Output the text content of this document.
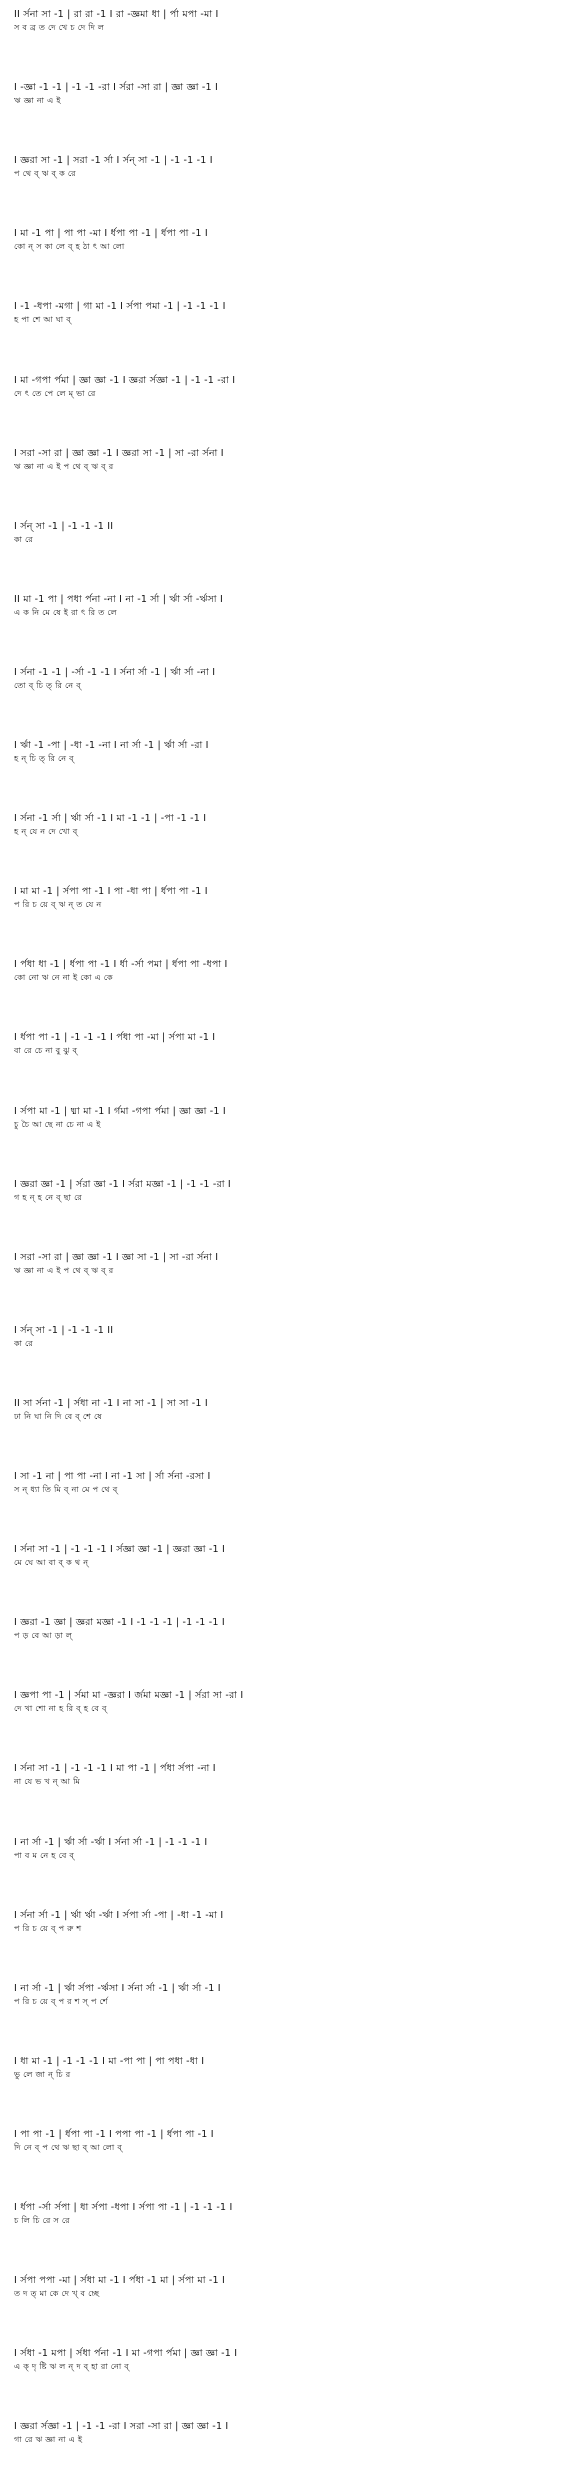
II র্সনা সা -1 | রা রা -1 I রা -জ্ঞমা ধা | র্পা মপা -মা I
স ব ব্র ত দে খে চ দে দি ল
I -জ্ঞা -1 -1 | -1 -1 -রা I র্সরা -সা রা | জ্ঞা জ্ঞা -1 I
ঋ জ্ঞা না এ ই
I জ্ঞরা সা -1 | সরা -1 র্সা I র্সন্‌ সা -1 | -1 -1 -1 I
প থে ব্ ঋ ব্ ক রে
I মা -1 পা | পা পা -মা I র্ধপা পা -1 | র্ধপা পা -1 I
কো ন্ স কা লে ব্ হ ঠা ৎ আ লো
I -1 -ধপা -মগা | গা মা -1 I র্সপা পমা -1 | -1 -1 -1 I
হ পা শে আ ঘা ব্
I মা -গপা র্পমা | জ্ঞা জ্ঞা -1 I জ্ঞরা র্সজ্ঞা -1 | -1 -1 -রা I
দে ৎ তে পে লে ম্ ভা রে
I সরা -সা রা | জ্ঞা জ্ঞা -1 I জ্ঞরা সা -1 | সা -রা র্সনা I
ঋ জ্ঞা না এ ই প থে ব্ ঋ ব্ র
I র্সন্‌ সা -1 | -1 -1 -1 II
কা রে
II মা -1 পা | পধা র্পনা -না I না -1 র্সা | র্ঋা র্সা -র্ঋসা I
এ ক নি মে ষে ই রা ৎ রি ত লে
I র্সনা -1 -1 | -র্সা -1 -1 I র্সনা র্সা -1 | র্ঋা র্সা -না I
তো ব্ চি ত্ রি নে ব্
I র্ঋা -1 -পা | -ধা -1 -না I না র্সা -1 | র্ঋা র্সা -রা I
হ ন্ চি ত্ রি নে ব্
I র্সনা -1 র্সা | র্ঋা র্সা -1 I মা -1 -1 | -পা -1 -1 I
হ ন্ যে ন দে খো ব্
I মা মা -1 | র্সপা পা -1 I পা -ধা পা | র্ধপা পা -1 I
প রি চ য়ে ব্ ঋ ন্ ত যে ন
I র্পধা ধা -1 | র্ধপা পা -1 I র্ধা -র্সা পমা | র্ধপা পা -ধপা I
কো নো ঋ নে না ই কো এ কে
I র্ধপা পা -1 | -1 -1 -1 I র্পধা পা -মা | র্সপা মা -1 I
বা রে চে না বু ঝু ব্
I র্সপা মা -1 | ধ্মা মা -1 I র্গমা -গপা র্পমা | জ্ঞা জ্ঞা -1 I
চু চৈ আ ছে না চে না এ ই
I জ্ঞরা জ্ঞা -1 | র্সরা জ্ঞা -1 I র্সরা মজ্ঞা -1 | -1 -1 -রা I
গ হ ন্ হ নে ব্ ছা রে
I সরা -সা রা | জ্ঞা জ্ঞা -1 I জ্ঞা সা -1 | সা -রা র্সনা I
ঋ জ্ঞা না এ ই প থে ব্ ঋ ব্ র
I র্সন্‌ সা -1 | -1 -1 -1 II
কা রে
II সা র্সনা -1 | র্সধা না -1 I না সা -1 | সা সা -1 I
ঢা নি ঘা নি দি বে ব্ শে ষে
I সা -1 না | পা পা -না I না -1 সা | র্সা র্সনা -রসা I
স ন্ ধ্যা তি মি ব্ না মে প থে ব্
I র্সনা সা -1 | -1 -1 -1 I র্সজ্ঞা জ্ঞা -1 | জ্ঞরা জ্ঞা -1 I
মে ঘে আ বা ব্ ক থ ন্
I জ্ঞরা -1 জ্ঞা | জ্ঞরা মজ্ঞা -1 I -1 -1 -1 | -1 -1 -1 I
প ড় বে আ ড়া ল্
I জ্ঞপা পা -1 | র্সমা মা -জ্ঞরা I র্জমা মজ্ঞা -1 | র্সরা সা -রা I
দে খা শো না হ রি ব্ হ বে ব্
I র্সনা সা -1 | -1 -1 -1 I মা পা -1 | র্পধা র্সপা -না I
না যে ভ খ ন্ আ মি
I না র্সা -1 | র্ঋা র্সা -র্ঋা I র্সনা র্সা -1 | -1 -1 -1 I
পা ব ম নে হ বে ব্
I র্সনা র্সা -1 | র্ঋা র্ঋা -র্ঋা I র্সপা র্সা -পা | -ধা -1 -মা I
প রি চ য়ে ব্ প রু শ
I না র্সা -1 | র্ঋা র্সপা -র্ঋসা I র্সনা র্সা -1 | র্ঋা র্সা -1 I
প রি চ য়ে ব্ প র শ স্ প র্শে
I ধা মা -1 | -1 -1 -1 I মা -পা পা | পা পধা -ধা I
ভু লে জা ন্ চি র
I পা পা -1 | র্ধপা পা -1 I পপা পা -1 | র্ধপা পা -1 I
দি নে ব্ প থে ঋ ছা ব্ আ লো ব্
I র্ধপা -র্সা র্সপা | ধা র্সপা -ধপা I র্সপা পা -1 | -1 -1 -1 I
চ লি চি রে স রে
I র্সপা পপা -মা | র্সধা মা -1 I র্পধা -1 মা | র্সপা মা -1 I
ত দ ত্ মা কে দে খ্ ব চ্ছে
I র্সধা -1 মপা | র্সধা র্পনা -1 I মা -গপা র্পমা | জ্ঞা জ্ঞা -1 I
এ ক্ দৃ ষ্টি ঋ ল ন্ দ ব্ হা রা নো ব্
I জ্ঞরা র্সজ্ঞা -1 | -1 -1 -রা I সরা -সা রা | জ্ঞা জ্ঞা -1 I
গা রে ঋ জ্ঞা না এ ই
